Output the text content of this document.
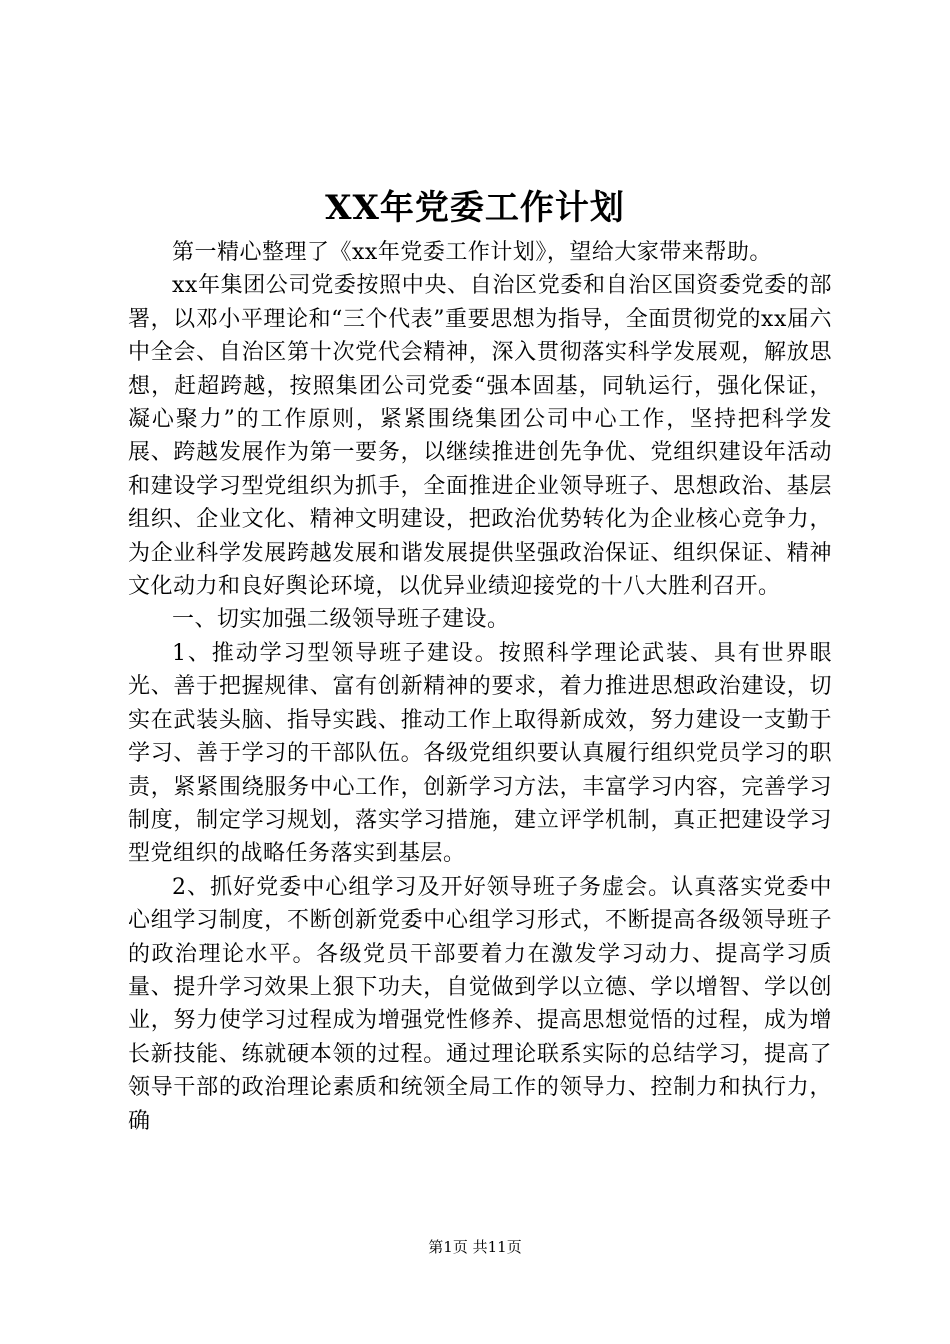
XX年党委工作计划

第一精心整理了《xx年党委工作计划》，望给大家带来帮助。

xx年集团公司党委按照中央、自治区党委和自治区国资委党委的部署，以邓小平理论和“三个代表”重要思想为指导，全面贯彻党的xx届六中全会、自治区第十次党代会精神，深入贯彻落实科学发展观，解放思想，赶超跨越，按照集团公司党委“强本固基，同轨运行，强化保证，凝心聚力”的工作原则，紧紧围绕集团公司中心工作，坚持把科学发展、跨越发展作为第一要务，以继续推进创先争优、党组织建设年活动和建设学习型党组织为抓手，全面推进企业领导班子、思想政治、基层组织、企业文化、精神文明建设，把政治优势转化为企业核心竞争力，为企业科学发展跨越发展和谐发展提供坚强政治保证、组织保证、精神文化动力和良好舆论环境，以优异业绩迎接党的十八大胜利召开。

一、切实加强二级领导班子建设。

1、推动学习型领导班子建设。按照科学理论武装、具有世界眼光、善于把握规律、富有创新精神的要求，着力推进思想政治建设，切实在武装头脑、指导实践、推动工作上取得新成效，努力建设一支勤于学习、善于学习的干部队伍。各级党组织要认真履行组织党员学习的职责，紧紧围绕服务中心工作，创新学习方法，丰富学习内容，完善学习制度，制定学习规划，落实学习措施，建立评学机制，真正把建设学习型党组织的战略任务落实到基层。

2、抓好党委中心组学习及开好领导班子务虚会。认真落实党委中心组学习制度，不断创新党委中心组学习形式，不断提高各级领导班子的政治理论水平。各级党员干部要着力在激发学习动力、提高学习质量、提升学习效果上狠下功夫，自觉做到学以立德、学以增智、学以创业，努力使学习过程成为增强党性修养、提高思想觉悟的过程，成为增长新技能、练就硬本领的过程。通过理论联系实际的总结学习，提高了领导干部的政治理论素质和统领全局工作的领导力、控制力和执行力，确

第1页 共11页
